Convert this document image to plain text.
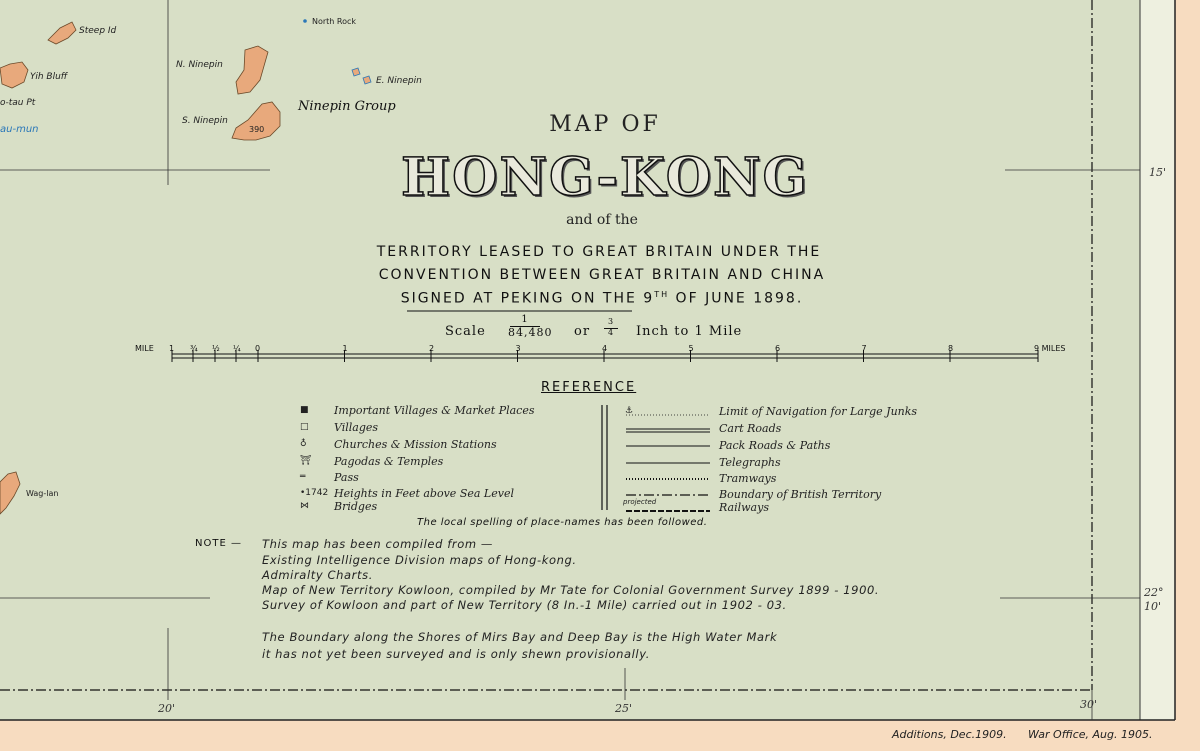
North Rock
N. Ninepin
E. Ninepin
S. Ninepin
Ninepin Group
390
Steep Id
Yih Bluff
o-tau Pt
au-mun
Wag-lan
MAP OF
HONG-KONG
and of the
TERRITORY LEASED TO GREAT BRITAIN UNDER THE
CONVENTION BETWEEN GREAT BRITAIN AND CHINA
SIGNED AT PEKING ON THE 9TH OF JUNE 1898.
Scale
1
84,480 or
3
4	Inch to 1 Mile
MILE	9 MILES
1 ¾ ½ ¼ 0	1	2	3	4	5	6	7	8
REFERENCE
■ Important Villages & Market Places
□ Villages
♁ Churches & Mission Stations
⛩ Pagodas & Temples
═	Pass
•1742 Heights in Feet above Sea Level
⋈ Bridges
⚓	Limit of Navigation for Large Junks
Cart Roads
Pack Roads & Paths
Telegraphs
Tramways
Boundary of British Territory
Railways
projected
The local spelling of place-names has been followed.
NOTE — This map has been compiled from —
Existing Intelligence Division maps of Hong-kong.
Admiralty Charts.
Map of New Territory Kowloon, compiled by Mr Tate for Colonial Government Survey 1899 - 1900.
Survey of Kowloon and part of New Territory (8 In.-1 Mile) carried out in 1902 - 03.
The Boundary along the Shores of Mirs Bay and Deep Bay is the High Water Mark
it has not yet been surveyed and is only shewn provisionally.
15'
22°
10'
20'	25'	30'
Additions, Dec.1909. War Office, Aug. 1905.
